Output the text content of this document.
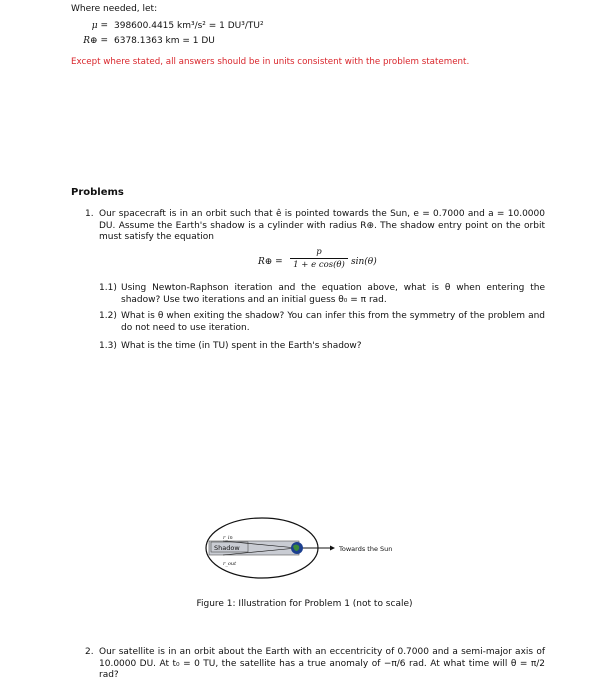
Where needed, let:
μ = 398600.4415 km³/s² = 1 DU³/TU²
R⊕ = 6378.1363 km = 1 DU
Except where stated, all answers should be in units consistent with the problem statement.
Problems
1. Our spacecraft is in an orbit such that ê is pointed towards the Sun, e = 0.7000 and a = 10.0000 DU. Assume the Earth's shadow is a cylinder with radius R⊕. The shadow entry point on the orbit must satisfy the equation
R⊕ =
p
1 + e cos(θ) sin(θ)
1.1) Using Newton-Raphson iteration and the equation above, what is θ when entering the shadow? Use two iterations and an initial guess θ₀ = π rad.
1.2) What is θ when exiting the shadow? You can infer this from the symmetry of the problem and do not need to use iteration.
1.3) What is the time (in TU) spent in the Earth's shadow?
Shadow
r_in
r_out
Towards the Sun
Figure 1: Illustration for Problem 1 (not to scale)
2. Our satellite is in an orbit about the Earth with an eccentricity of 0.7000 and a semi-major axis of 10.0000 DU. At t₀ = 0 TU, the satellite has a true anomaly of −π/6 rad. At what time will θ = π/2 rad?
